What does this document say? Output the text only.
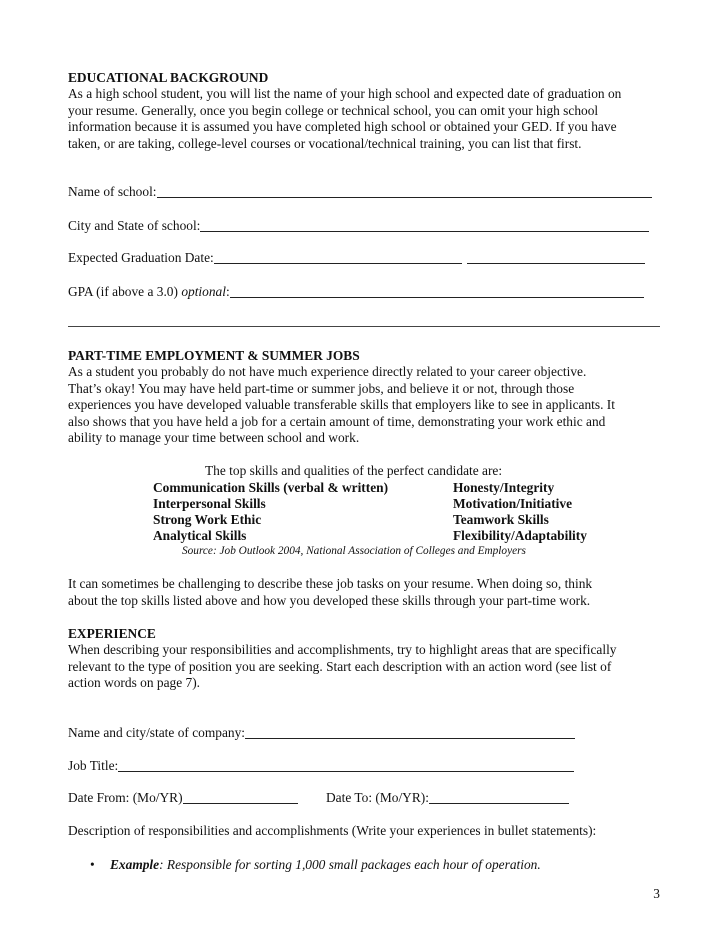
EDUCATIONAL BACKGROUND
As a high school student, you will list the name of your high school and expected date of graduation on
your resume. Generally, once you begin college or technical school, you can omit your high school
information because it is assumed you have completed high school or obtained your GED. If you have
taken, or are taking, college-level courses or vocational/technical training, you can list that first.
Name of school:
City and State of school:
Expected Graduation Date:
GPA (if above a 3.0) optional :
PART-TIME EMPLOYMENT & SUMMER JOBS
As a student you probably do not have much experience directly related to your career objective.
That’s okay! You may have held part-time or summer jobs, and believe it or not, through those
experiences you have developed valuable transferable skills that employers like to see in applicants. It
also shows that you have held a job for a certain amount of time, demonstrating your work ethic and
ability to manage your time between school and work.
The top skills and qualities of the perfect candidate are:
Communication Skills (verbal & written)
Interpersonal Skills
Strong Work Ethic
Analytical Skills
Honesty/Integrity
Motivation/Initiative
Teamwork Skills
Flexibility/Adaptability
Source: Job Outlook 2004, National Association of Colleges and Employers
It can sometimes be challenging to describe these job tasks on your resume. When doing so, think
about the top skills listed above and how you developed these skills through your part-time work.
EXPERIENCE
When describing your responsibilities and accomplishments, try to highlight areas that are specifically
relevant to the type of position you are seeking. Start each description with an action word (see list of
action words on page 7).
Name and city/state of company:
Job Title:
Date From: (Mo/YR)	Date To: (Mo/YR):
Description of responsibilities and accomplishments (Write your experiences in bullet statements):
• Example: Responsible for sorting 1,000 small packages each hour of operation.
3
